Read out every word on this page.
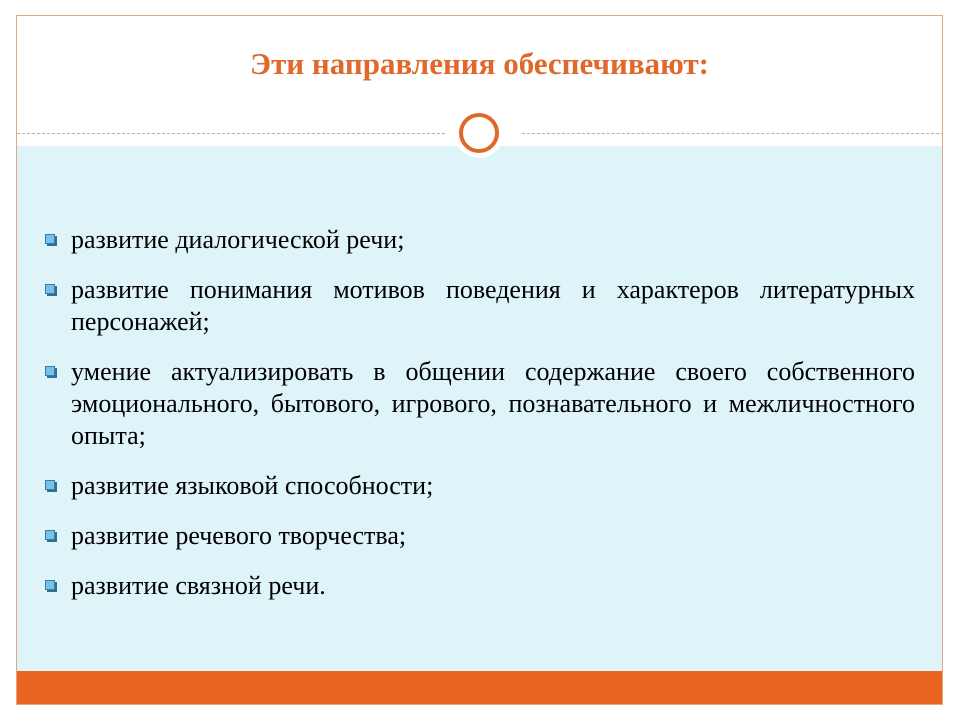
Эти направления обеспечивают:
развитие диалогической речи;
развитие понимания мотивов поведения и характеров литературных персонажей;
умение актуализировать в общении содержание своего собственного эмоционального, бытового, игрового, познавательного и межличностного опыта;
развитие языковой способности;
развитие речевого творчества;
развитие связной речи.
